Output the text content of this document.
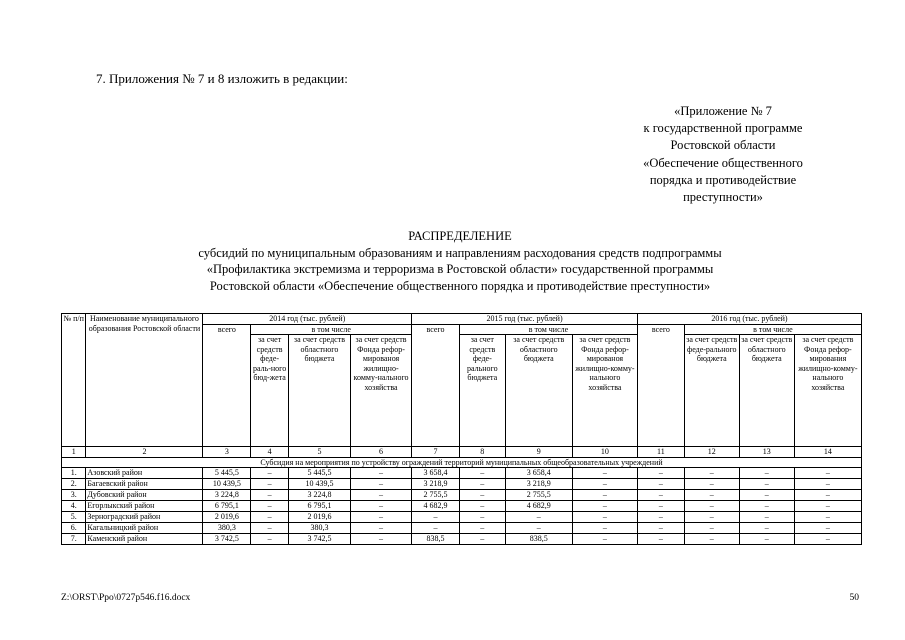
7. Приложения № 7 и 8 изложить в редакции:
«Приложение № 7
к государственной программе
Ростовской области
«Обеспечение общественного
порядка и противодействие
преступности»
РАСПРЕДЕЛЕНИЕ
субсидий по муниципальным образованиям и направлениям расходования средств подпрограммы
«Профилактика экстремизма и терроризма в Ростовской области» государственной программы
Ростовской области «Обеспечение общественного порядка и противодействие преступности»
№ п/п	Наименование муниципального образования Ростовской области	2014 год (тыс. рублей)				2015 год (тыс. рублей)				2016 год (тыс. рублей)			
		всего	в том числе			всего	в том числе			всего	в том числе		
			за счет средств феде-раль-ного бюд-жета	за счет средств областного бюджета	за счет средств Фонда рефор-мированоя жилищно-комму-нального хозяйства		за счет средств феде-рального бюджета	за счет средств областного бюджета	за счет средств Фонда рефор-мированоя жилищно-комму-нального хозяйства		за счет средств феде-рального бюджета	за счет средств областного бюджета	за счет средств Фонда рефор-мирования жилищно-комму-нального хозяйства
1	2	3	4	5	6	7	8	9	10	11	12	13	14
Субсидия на мероприятия по устройству ограждений территорий муниципальных общеобразовательных учреждений													
1.	Азовский район	5 445,5	–	5 445,5	–	3 658,4	–	3 658,4	–	–	–	–	–
2.	Багаевский район	10 439,5	–	10 439,5	–	3 218,9	–	3 218,9	–	–	–	–	–
3.	Дубовский район	3 224,8	–	3 224,8	–	2 755,5	–	2 755,5	–	–	–	–	–
4.	Егорлыкский район	6 795,1	–	6 795,1	–	4 682,9	–	4 682,9	–	–	–	–	–
5.	Зерноградский район	2 019,6	–	2 019,6	–	–	–	–	–	–	–	–	–
6.	Кагальницкий район	380,3	–	380,3	–	–	–	–	–	–	–	–	–
7.	Каменский район	3 742,5	–	3 742,5	–	838,5	–	838,5	–	–	–	–	–
Z:\ORST\Ppo\0727p546.f16.docx	50
